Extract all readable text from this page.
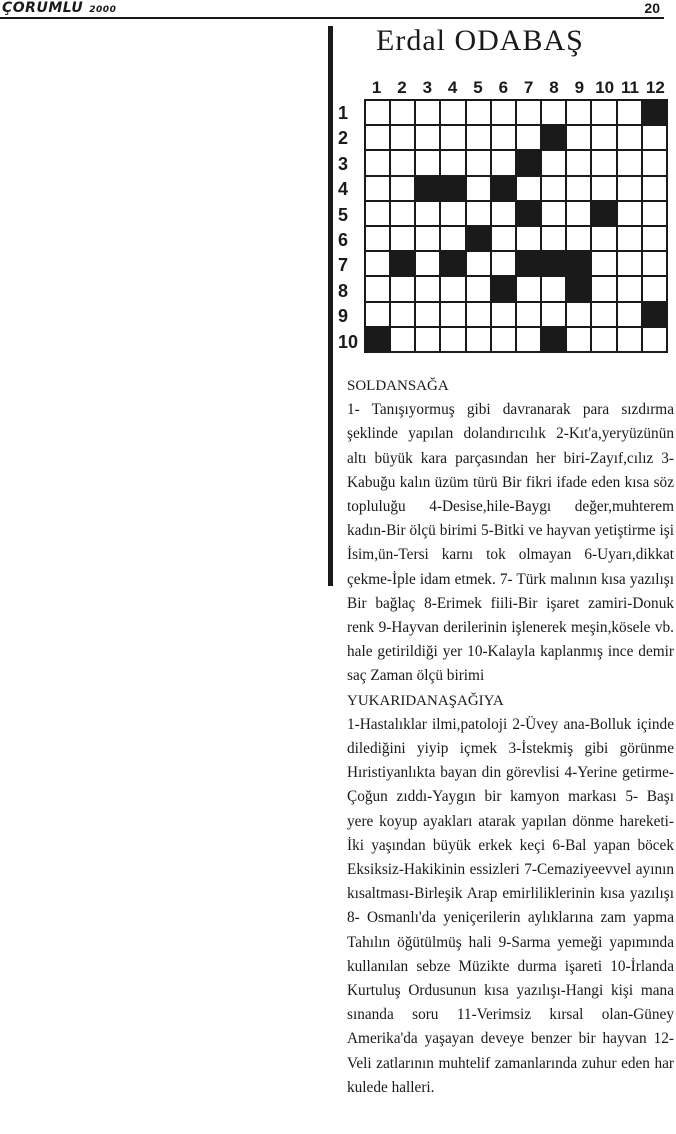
ÇORUMLU 2000	20
Erdal ODABAŞ
1 2 3 4 5 6 7 8 9 10 11 12
1
2
3
4
5
6
7
8
9
10

SOLDANSAĞA

1- Tanışıyormuş gibi davranarak para sızdırma şeklinde yapılan dolandırıcılık 2-Kıt'a,yeryüzünün altı büyük kara parçasından her biri-Zayıf,cılız 3-Kabuğu kalın üzüm türü Bir fikri ifade eden kısa söz topluluğu 4-Desise,hile-Baygı değer,muhterem kadın-Bir ölçü birimi 5-Bitki ve hayvan yetiştirme işi İsim,ün-Tersi karnı tok olmayan 6-Uyarı,dikkat çekme-İple idam etmek. 7- Türk malının kısa yazılışı Bir bağlaç 8-Erimek fiili-Bir işaret zamiri-Donuk renk 9-Hayvan derilerinin işlenerek meşin,kösele vb. hale getirildiği yer 10-Kalayla kaplanmış ince demir saç Zaman ölçü birimi

YUKARIDANAŞAĞIYA

1-Hastalıklar ilmi,patoloji 2-Üvey ana-Bolluk içinde dilediğini yiyip içmek 3-İstekmiş gibi görünme Hıristiyanlıkta bayan din görevlisi 4-Yerine getirme-Çoğun zıddı-Yaygın bir kamyon markası 5- Başı yere koyup ayakları atarak yapılan dönme hareketi-İki yaşından büyük erkek keçi 6-Bal yapan böcek Eksiksiz-Hakikinin essizleri 7-Cemaziyeevvel ayının kısaltması-Birleşik Arap emirliliklerinin kısa yazılışı 8- Osmanlı'da yeniçerilerin aylıklarına zam yapma Tahılın öğütülmüş hali 9-Sarma yemeği yapımında kullanılan sebze Müzikte durma işareti 10-İrlanda Kurtuluş Ordusunun kısa yazılışı-Hangi kişi mana sınanda soru 11-Verimsiz kırsal olan-Güney Amerika'da yaşayan deveye benzer bir hayvan 12-Veli zatlarının muhtelif zamanlarında zuhur eden har kulede halleri.
